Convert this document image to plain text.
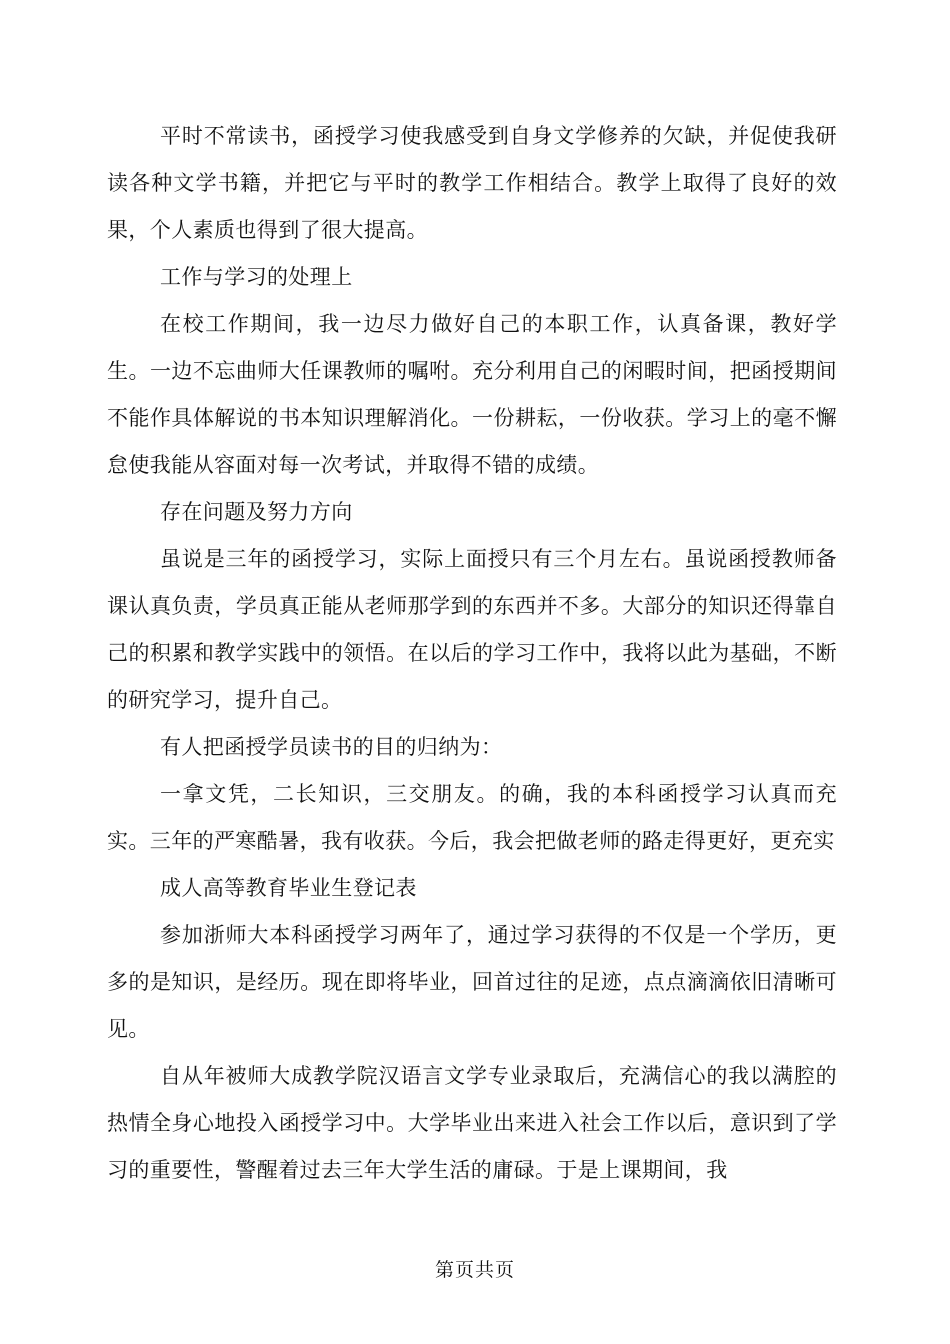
平时不常读书，函授学习使我感受到自身文学修养的欠缺，并促使我研读各种文学书籍，并把它与平时的教学工作相结合。教学上取得了良好的效果，个人素质也得到了很大提高。

工作与学习的处理上

在校工作期间，我一边尽力做好自己的本职工作，认真备课，教好学生。一边不忘曲师大任课教师的嘱咐。充分利用自己的闲暇时间，把函授期间不能作具体解说的书本知识理解消化。一份耕耘，一份收获。学习上的毫不懈怠使我能从容面对每一次考试，并取得不错的成绩。

存在问题及努力方向

虽说是三年的函授学习，实际上面授只有三个月左右。虽说函授教师备课认真负责，学员真正能从老师那学到的东西并不多。大部分的知识还得靠自己的积累和教学实践中的领悟。在以后的学习工作中，我将以此为基础，不断的研究学习，提升自己。

有人把函授学员读书的目的归纳为：

一拿文凭，二长知识，三交朋友。的确，我的本科函授学习认真而充实。三年的严寒酷暑，我有收获。今后，我会把做老师的路走得更好，更充实

成人高等教育毕业生登记表

参加浙师大本科函授学习两年了，通过学习获得的不仅是一个学历，更多的是知识，是经历。现在即将毕业，回首过往的足迹，点点滴滴依旧清晰可见。

自从年被师大成教学院汉语言文学专业录取后，充满信心的我以满腔的热情全身心地投入函授学习中。大学毕业出来进入社会工作以后，意识到了学习的重要性，警醒着过去三年大学生活的庸碌。于是上课期间，我

第页共页
